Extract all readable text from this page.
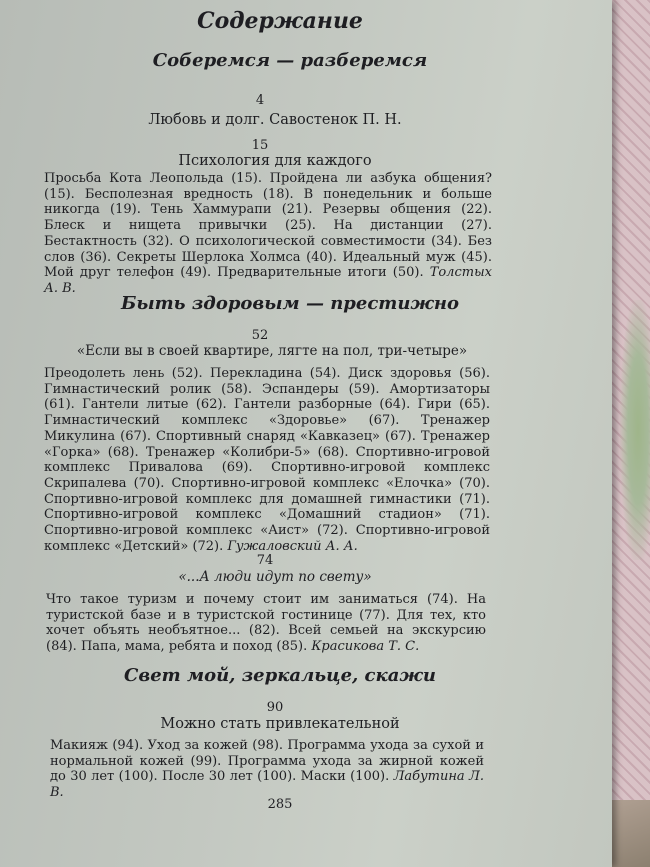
Содержание
Соберемся — разберемся
4
Любовь и долг. Савостенок П. Н.
15
Психология для каждого
Просьба Кота Леопольда (15). Пройдена ли азбука общения? (15). Бесполезная вредность (18). В понедельник и больше никогда (19). Тень Хаммурапи (21). Резервы общения (22). Блеск и нищета привычки (25). На дистанции (27). Бестактность (32). О психологической совместимости (34). Без слов (36). Секреты Шерлока Холмса (40). Идеальный муж (45). Мой друг телефон (49). Предварительные итоги (50). Толстых А. В.
Быть здоровым — престижно
52
«Если вы в своей квартире, лягте на пол, три-четыре»
Преодолеть лень (52). Перекладина (54). Диск здоровья (56). Гимнастический ролик (58). Эспандеры (59). Амортизаторы (61). Гантели литые (62). Гантели разборные (64). Гири (65). Гимнастический комплекс «Здоровье» (67). Тренажер Микулина (67). Спортивный снаряд «Кавказец» (67). Тренажер «Горка» (68). Тренажер «Колибри-5» (68). Спортивно-игровой комплекс Привалова (69). Спортивно-игровой комплекс Скрипалева (70). Спортивно-игровой комплекс «Елочка» (70). Спортивно-игровой комплекс для домашней гимнастики (71). Спортивно-игровой комплекс «Домашний стадион» (71). Спортивно-игровой комплекс «Аист» (72). Спортивно-игровой комплекс «Детский» (72). Гужаловский А. А.
74
«...А люди идут по свету»
Что такое туризм и почему стоит им заниматься (74). На туристской базе и в туристской гостинице (77). Для тех, кто хочет объять необъятное... (82). Всей семьей на экскурсию (84). Папа, мама, ребята и поход (85). Красикова Т. С.
Свет мой, зеркальце, скажи
90
Можно стать привлекательной
Макияж (94). Уход за кожей (98). Программа ухода за сухой и нормальной кожей (99). Программа ухода за жирной кожей до 30 лет (100). После 30 лет (100). Маски (100). Лабутина Л. В.
285
